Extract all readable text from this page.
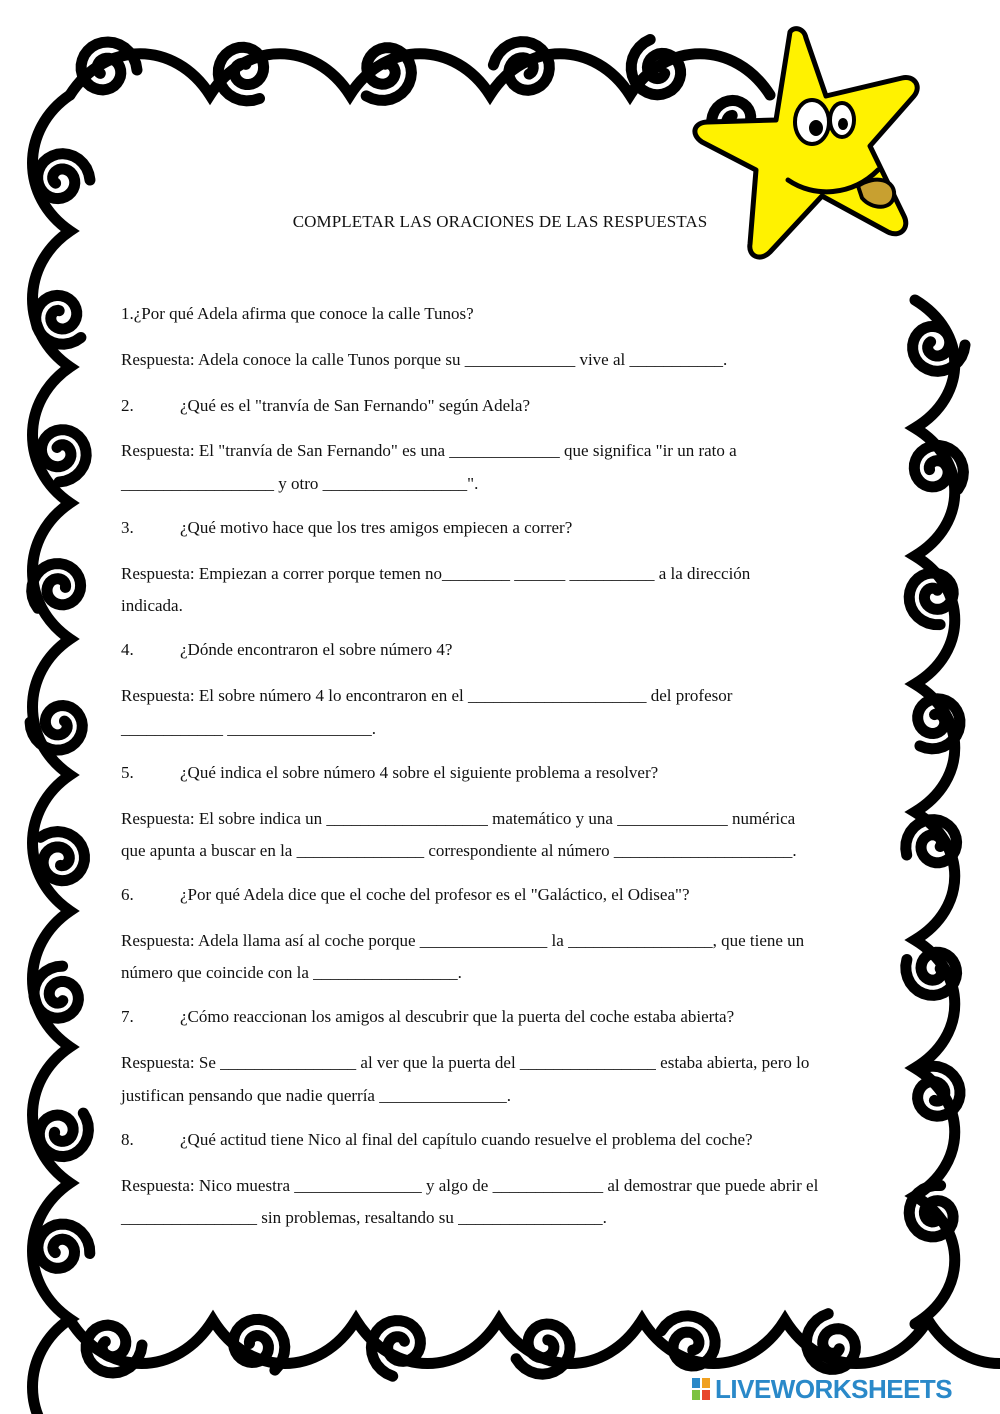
COMPLETAR LAS ORACIONES DE LAS RESPUESTAS
1.¿Por qué Adela afirma que conoce la calle Tunos?
Respuesta: Adela conoce la calle Tunos porque su _____________ vive al ___________.
2.	¿Qué es el "tranvía de San Fernando" según Adela?
Respuesta: El "tranvía de San Fernando" es una _____________ que significa "ir un rato a
__________________ y otro _________________".
3.	¿Qué motivo hace que los tres amigos empiecen a correr?
Respuesta: Empiezan a correr porque temen no________ ______ __________ a la dirección
indicada.
4.	¿Dónde encontraron el sobre número 4?
Respuesta: El sobre número 4 lo encontraron en el _____________________ del profesor
____________ _________________.
5.	¿Qué indica el sobre número 4 sobre el siguiente problema a resolver?
Respuesta: El sobre indica un ___________________ matemático y una _____________ numérica
que apunta a buscar en la _______________ correspondiente al número _____________________.
6.	¿Por qué Adela dice que el coche del profesor es el "Galáctico, el Odisea"?
Respuesta: Adela llama así al coche porque _______________ la _________________, que tiene un
número que coincide con la _________________.
7.	¿Cómo reaccionan los amigos al descubrir que la puerta del coche estaba abierta?
Respuesta: Se ________________ al ver que la puerta del ________________ estaba abierta, pero lo
justifican pensando que nadie querría _______________.
8.	¿Qué actitud tiene Nico al final del capítulo cuando resuelve el problema del coche?
Respuesta: Nico muestra _______________ y algo de _____________ al demostrar que puede abrir el
________________ sin problemas, resaltando su _________________.
LIVEWORKSHEETS
